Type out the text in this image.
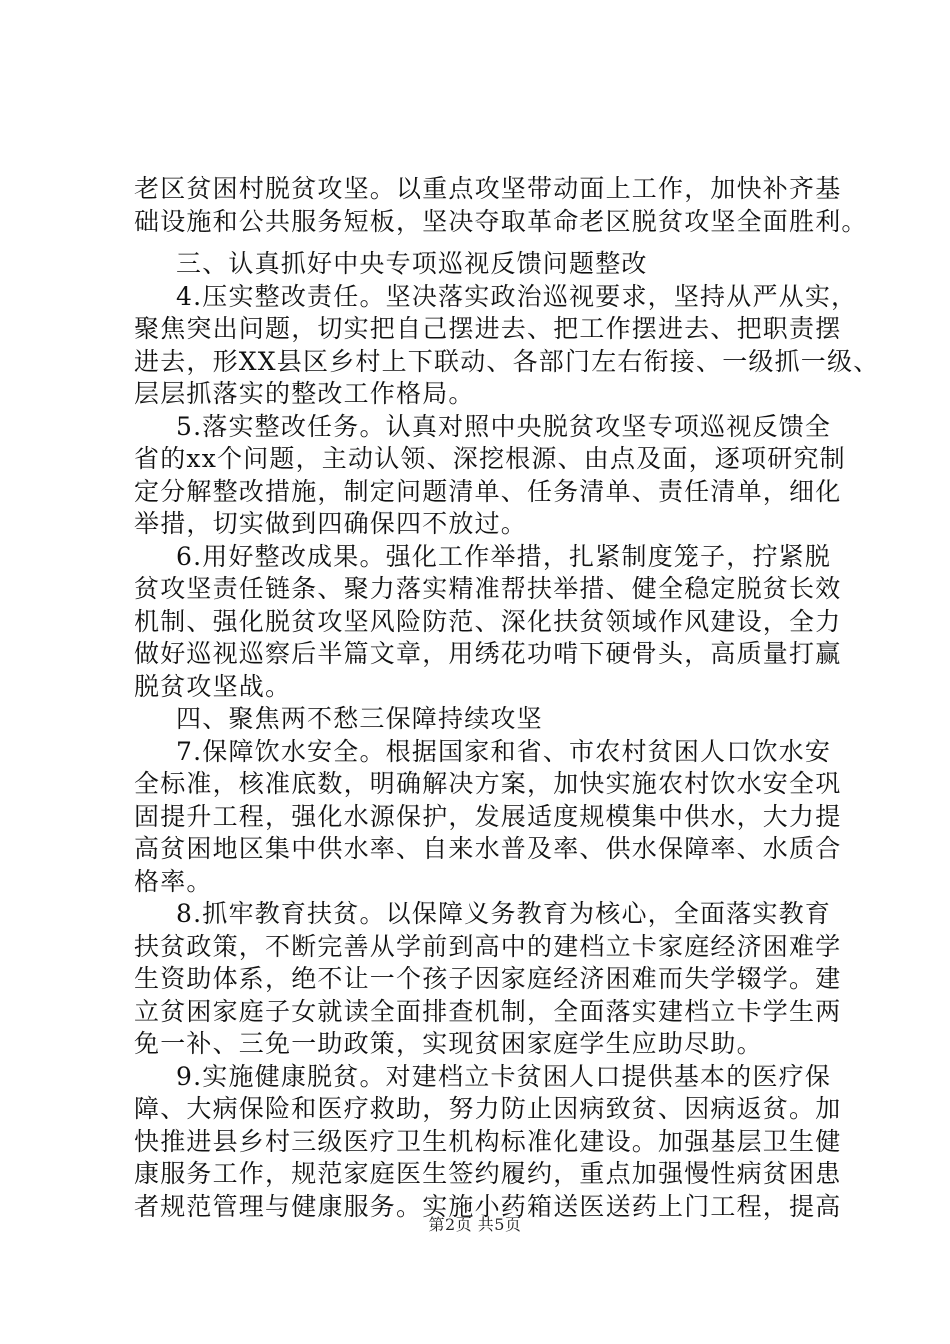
老区贫困村脱贫攻坚。以重点攻坚带动面上工作，加快补齐基
础设施和公共服务短板，坚决夺取革命老区脱贫攻坚全面胜利。
三、认真抓好中央专项巡视反馈问题整改
4.压实整改责任。坚决落实政治巡视要求，坚持从严从实，
聚焦突出问题，切实把自己摆进去、把工作摆进去、把职责摆
进去，形XX县区乡村上下联动、各部门左右衔接、一级抓一级、
层层抓落实的整改工作格局。
5.落实整改任务。认真对照中央脱贫攻坚专项巡视反馈全
省的xx个问题，主动认领、深挖根源、由点及面，逐项研究制
定分解整改措施，制定问题清单、任务清单、责任清单，细化
举措，切实做到四确保四不放过。
6.用好整改成果。强化工作举措，扎紧制度笼子，拧紧脱
贫攻坚责任链条、聚力落实精准帮扶举措、健全稳定脱贫长效
机制、强化脱贫攻坚风险防范、深化扶贫领域作风建设，全力
做好巡视巡察后半篇文章，用绣花功啃下硬骨头，高质量打赢
脱贫攻坚战。
四、聚焦两不愁三保障持续攻坚
7.保障饮水安全。根据国家和省、市农村贫困人口饮水安
全标准，核准底数，明确解决方案，加快实施农村饮水安全巩
固提升工程，强化水源保护，发展适度规模集中供水，大力提
高贫困地区集中供水率、自来水普及率、供水保障率、水质合
格率。
8.抓牢教育扶贫。以保障义务教育为核心，全面落实教育
扶贫政策，不断完善从学前到高中的建档立卡家庭经济困难学
生资助体系，绝不让一个孩子因家庭经济困难而失学辍学。建
立贫困家庭子女就读全面排查机制，全面落实建档立卡学生两
免一补、三免一助政策，实现贫困家庭学生应助尽助。
9.实施健康脱贫。对建档立卡贫困人口提供基本的医疗保
障、大病保险和医疗救助，努力防止因病致贫、因病返贫。加
快推进县乡村三级医疗卫生机构标准化建设。加强基层卫生健
康服务工作，规范家庭医生签约履约，重点加强慢性病贫困患
者规范管理与健康服务。实施小药箱送医送药上门工程，提高
第2页 共5页
